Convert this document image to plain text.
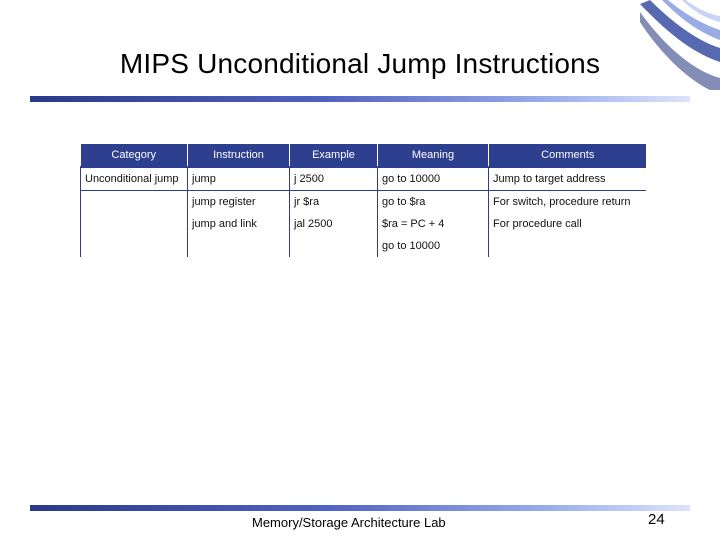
MIPS Unconditional Jump Instructions
Category	Instruction	Example	Meaning	Comments
Unconditional jump	jump	j 2500	go to 10000	Jump to target address
	jump register	jr $ra	go to $ra	For switch, procedure return
	jump and link	jal 2500	$ra = PC + 4	For procedure call
			go to 10000	
Memory/Storage Architecture Lab	24
